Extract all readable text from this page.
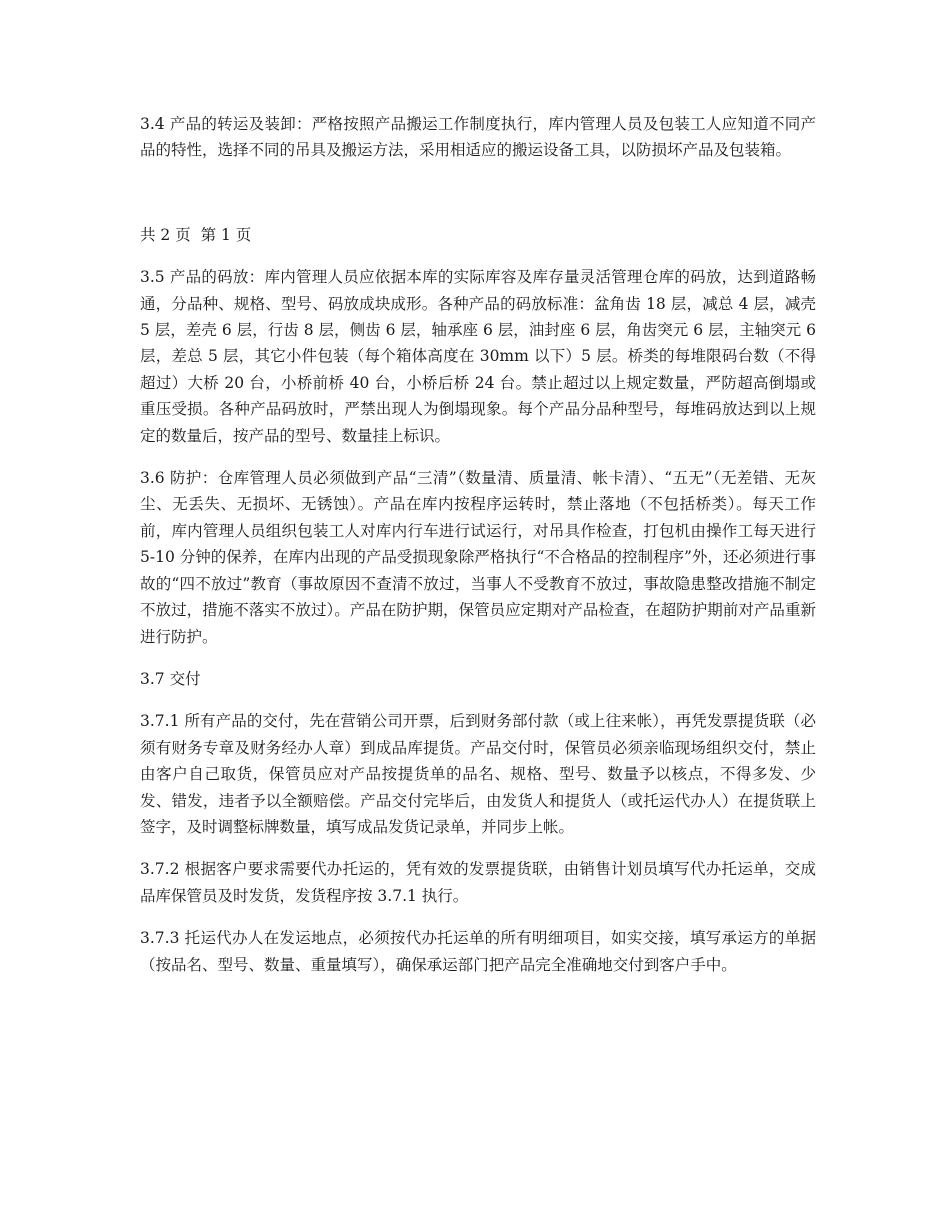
3.4 产品的转运及装卸：严格按照产品搬运工作制度执行，库内管理人员及包装工人应知道不同产品的特性，选择不同的吊具及搬运方法，采用相适应的搬运设备工具，以防损坏产品及包装箱。

共 2 页  第 1 页

3.5 产品的码放：库内管理人员应依据本库的实际库容及库存量灵活管理仓库的码放，达到道路畅通，分品种、规格、型号、码放成块成形。各种产品的码放标准：盆角齿 18 层，减总 4 层，减壳 5 层，差壳 6 层，行齿 8 层，侧齿 6 层，轴承座 6 层，油封座 6 层，角齿突元 6 层，主轴突元 6 层，差总 5 层，其它小件包装（每个箱体高度在 30mm 以下）5 层。桥类的每堆限码台数（不得超过）大桥 20 台，小桥前桥 40 台，小桥后桥 24 台。禁止超过以上规定数量，严防超高倒塌或重压受损。各种产品码放时，严禁出现人为倒塌现象。每个产品分品种型号，每堆码放达到以上规定的数量后，按产品的型号、数量挂上标识。

3.6 防护：仓库管理人员必须做到产品“三清”（数量清、质量清、帐卡清）、“五无”（无差错、无灰尘、无丢失、无损坏、无锈蚀）。产品在库内按程序运转时，禁止落地（不包括桥类）。每天工作前，库内管理人员组织包装工人对库内行车进行试运行，对吊具作检查，打包机由操作工每天进行 5-10 分钟的保养，在库内出现的产品受损现象除严格执行“不合格品的控制程序”外，还必须进行事故的“四不放过”教育（事故原因不查清不放过，当事人不受教育不放过，事故隐患整改措施不制定不放过，措施不落实不放过）。产品在防护期，保管员应定期对产品检查，在超防护期前对产品重新进行防护。

3.7 交付

3.7.1 所有产品的交付，先在营销公司开票，后到财务部付款（或上往来帐），再凭发票提货联（必须有财务专章及财务经办人章）到成品库提货。产品交付时，保管员必须亲临现场组织交付，禁止由客户自己取货，保管员应对产品按提货单的品名、规格、型号、数量予以核点，不得多发、少发、错发，违者予以全额赔偿。产品交付完毕后，由发货人和提货人（或托运代办人）在提货联上签字，及时调整标牌数量，填写成品发货记录单，并同步上帐。

3.7.2 根据客户要求需要代办托运的，凭有效的发票提货联，由销售计划员填写代办托运单，交成品库保管员及时发货，发货程序按 3.7.1 执行。

3.7.3 托运代办人在发运地点，必须按代办托运单的所有明细项目，如实交接，填写承运方的单据（按品名、型号、数量、重量填写），确保承运部门把产品完全准确地交付到客户手中。
